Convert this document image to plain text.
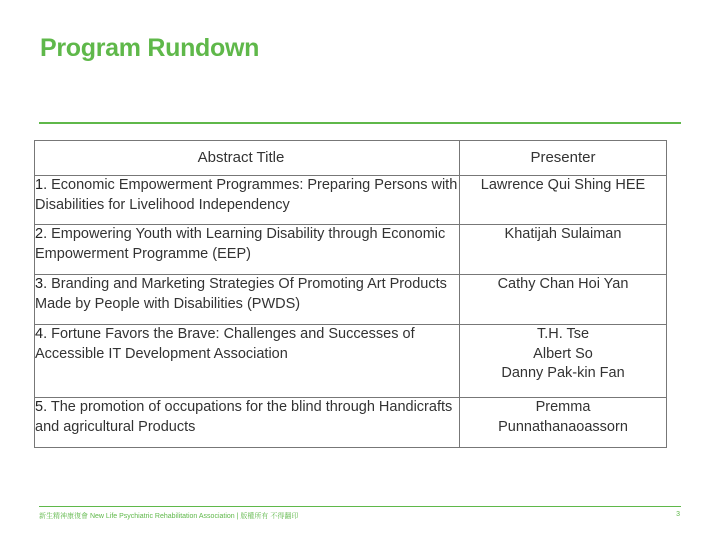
Program Rundown
Abstract Title	Presenter
1. Economic Empowerment Programmes: Preparing Persons with Disabilities for Livelihood Independency	Lawrence Qui Shing HEE

2. Empowering Youth with Learning Disability through Economic Empowerment Programme (EEP)	Khatijah Sulaiman

3. Branding and Marketing Strategies Of Promoting Art Products Made by People with Disabilities (PWDS)	Cathy Chan Hoi Yan

4. Fortune Favors the Brave: Challenges and Successes of Accessible IT Development Association	T.H. Tse
Albert So
Danny Pak-kin Fan

5. The promotion of occupations for the blind through Handicrafts and agricultural Products	Premma
Punnathanaoassorn
新生精神康復會 New Life Psychiatric Rehabilitation Association | 版權所有 不得翻印	3
